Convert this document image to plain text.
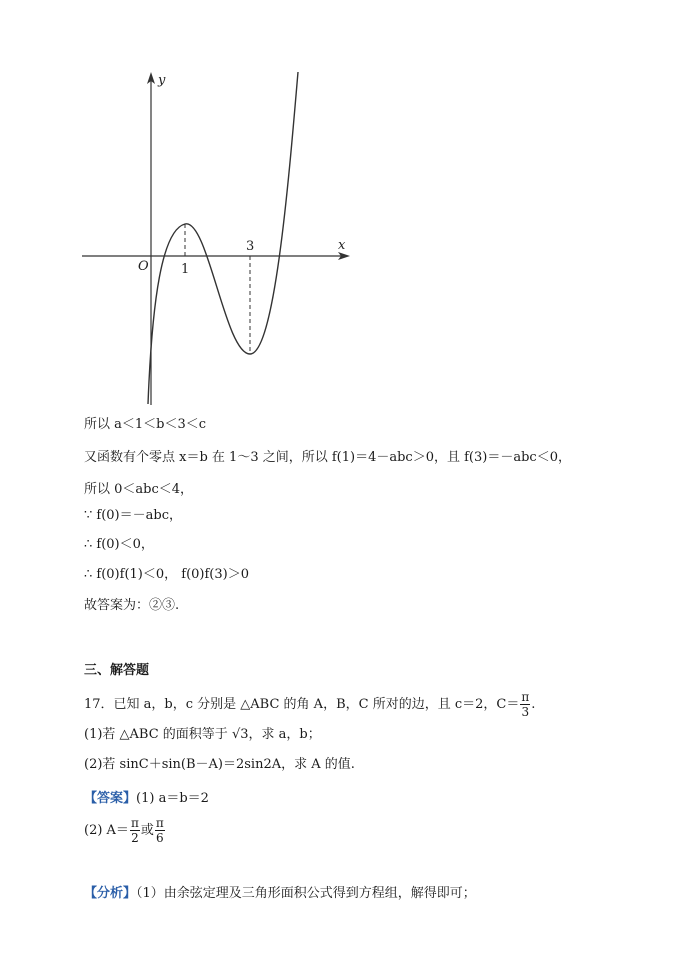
y
x
O 1
3
所以 a＜1＜b＜3＜c
又函数有个零点 x＝b 在 1～3 之间，所以 f(1)＝4－abc＞0，且 f(3)＝－abc＜0，
所以 0＜abc＜4，
∵ f(0)＝－abc，
∴ f(0)＜0，
∴ f(0)f(1)＜0， f(0)f(3)＞0
故答案为：②③.
三、解答题
17．已知 a，b，c 分别是 △ABC 的角 A，B，C 所对的边，且 c＝2，$C= \frac{\pi}{3}$ .
(1)若 △ABC 的面积等于 √3，求 a，b；
(2)若 sinC＋sin(B－A)＝2sin2A，求 A 的值.
【答案】(1) a＝b＝2
(2) $A= \frac{\pi}{2}$ 或 $\frac{\pi}{6}$
【分析】（1）由余弦定理及三角形面积公式得到方程组，解得即可；
